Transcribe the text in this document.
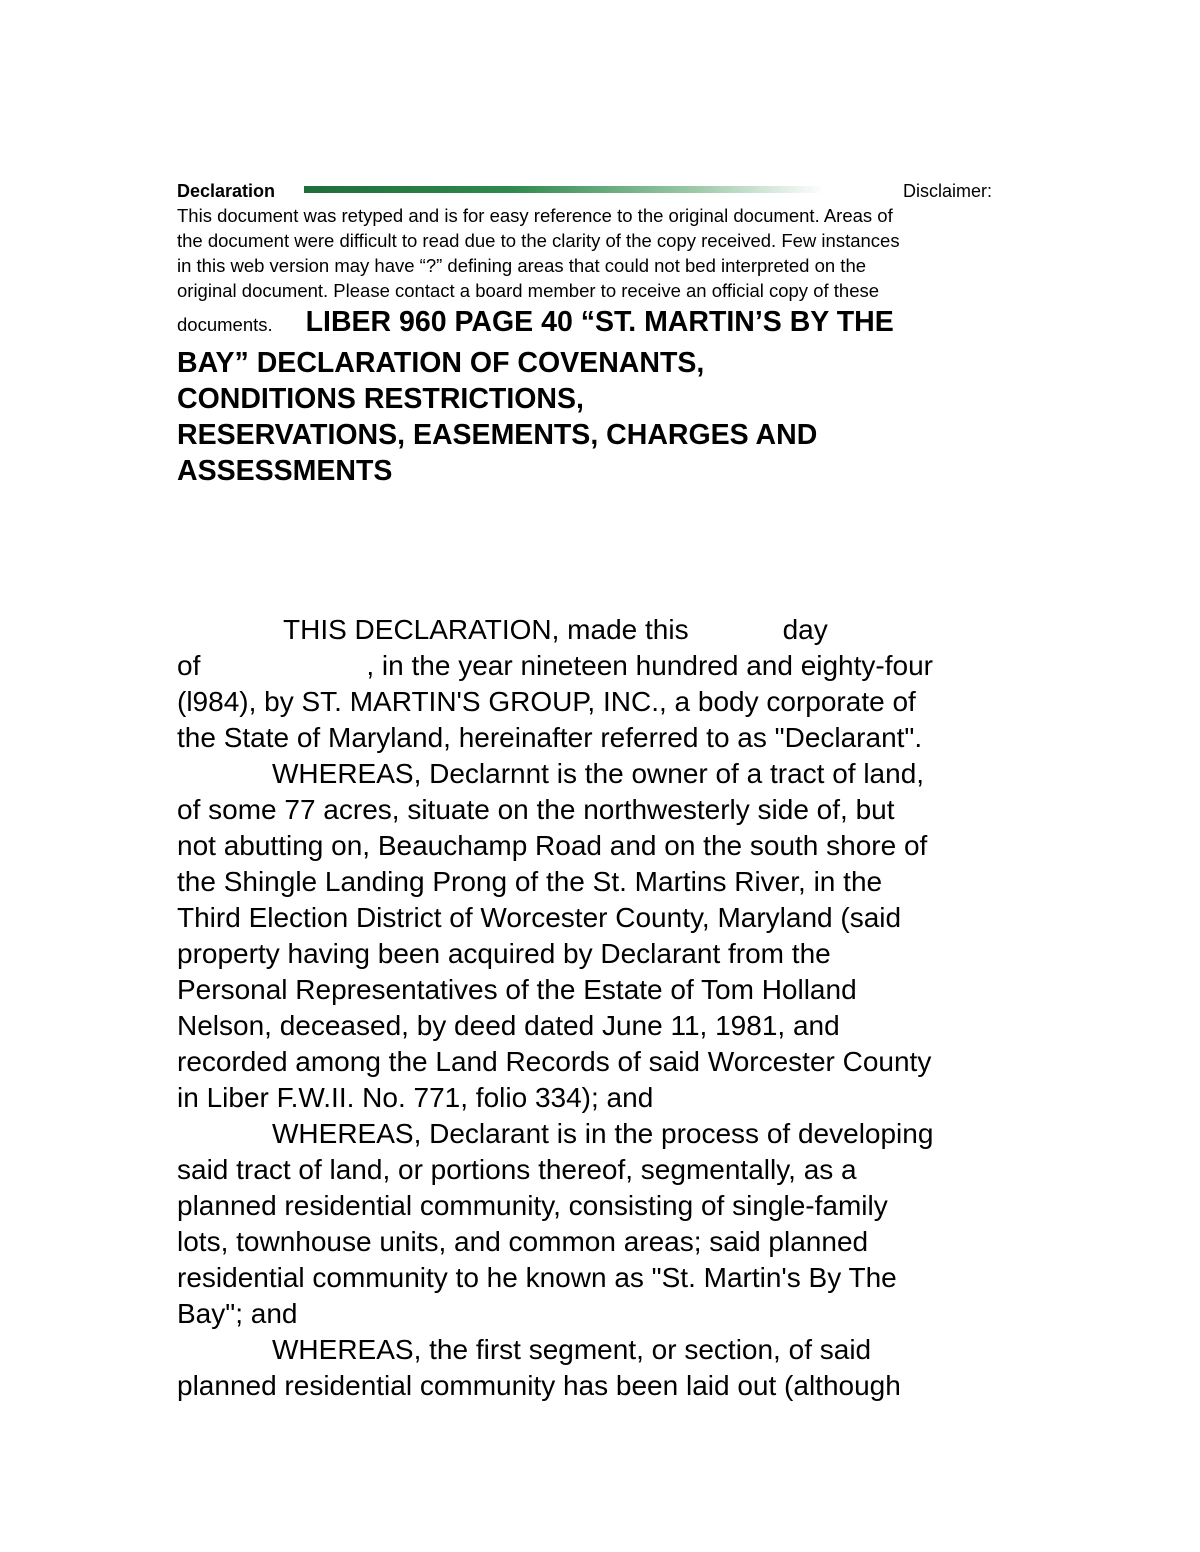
Declaration	Disclaimer:
This document was retyped and is for easy reference to the original document. Areas of
the document were difficult to read due to the clarity of the copy received. Few instances
in this web version may have “?” defining areas that could not bed interpreted on the
original document. Please contact a board member to receive an official copy of these
documents. LIBER 960 PAGE 40 “ST. MARTIN’S BY THE
BAY” DECLARATION OF COVENANTS,
CONDITIONS RESTRICTIONS,
RESERVATIONS, EASEMENTS, CHARGES AND
ASSESSMENTS
THIS DECLARATION, made this	day
of	, in the year nineteen hundred and eighty-four
(l984), by ST. MARTIN'S GROUP, INC., a body corporate of
the State of Maryland, hereinafter referred to as "Declarant".
WHEREAS, Declarnnt is the owner of a tract of land,
of some 77 acres, situate on the northwesterly side of, but
not abutting on, Beauchamp Road and on the south shore of
the Shingle Landing Prong of the St. Martins River, in the
Third Election District of Worcester County, Maryland (said
property having been acquired by Declarant from the
Personal Representatives of the Estate of Tom Holland
Nelson, deceased, by deed dated June 11, 1981, and
recorded among the Land Records of said Worcester County
in Liber F.W.II. No. 771, folio 334); and
WHEREAS, Declarant is in the process of developing
said tract of land, or portions thereof, segmentally, as a
planned residential community, consisting of single-family
lots, townhouse units, and common areas; said planned
residential community to he known as "St. Martin's By The
Bay"; and
WHEREAS, the first segment, or section, of said
planned residential community has been laid out (although
